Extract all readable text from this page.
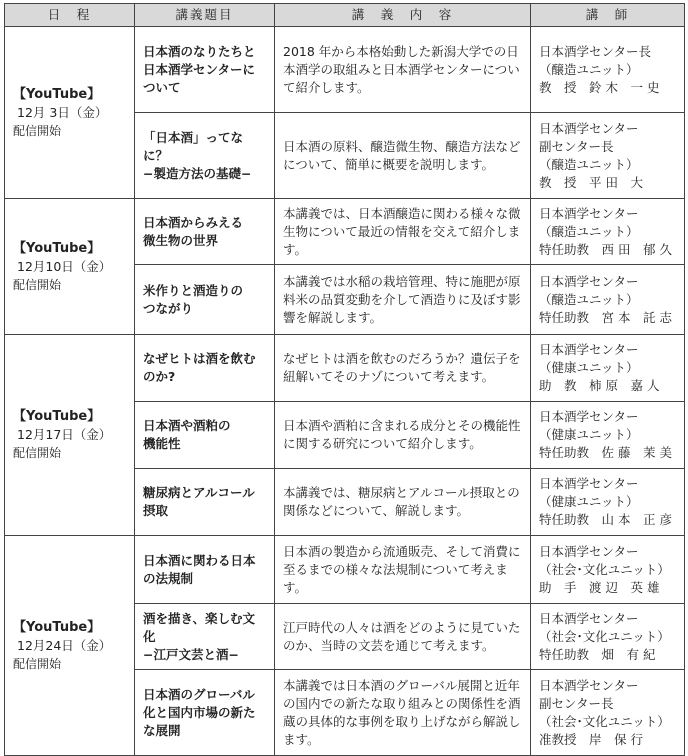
日　程	講義題目	講　義　内　容	講　師

【YouTube】
12月 3日（金）
配信開始	日本酒のなりたちと
日本酒学センターに
ついて	2018 年から本格始動した新潟大学での日本酒学の取組みと日本酒学センターについて紹介します。	日本酒学センター長
（醸造ユニット）
教　授　鈴 木　一 史

	「日本酒」ってなに？
−製造方法の基礎−	日本酒の原料、醸造微生物、醸造方法などについて、簡単に概要を説明します。	日本酒学センター
副センター長
（醸造ユニット）
教　授　平 田　大

【YouTube】
12月10日（金）
配信開始	日本酒からみえる
微生物の世界	本講義では、日本酒醸造に関わる様々な微生物について最近の情報を交えて紹介します。	日本酒学センター
（醸造ユニット）
特任助教　西 田　郁 久

	米作りと酒造りの
つながり	本講義では水稲の栽培管理、特に施肥が原料米の品質変動を介して酒造りに及ぼす影響を解説します。	日本酒学センター
（醸造ユニット）
特任助教　宮 本　託 志

【YouTube】
12月17日（金）
配信開始	なぜヒトは酒を飲む
のか?	なぜヒトは酒を飲むのだろうか？遺伝子を紐解いてそのナゾについて考えます。	日本酒学センター
（健康ユニット）
助　教　柿 原　嘉 人

	日本酒や酒粕の
機能性	日本酒や酒粕に含まれる成分とその機能性に関する研究について紹介します。	日本酒学センター
（健康ユニット）
特任助教　佐 藤　茉 美

	糖尿病とアルコール
摂取	本講義では、糖尿病とアルコール摂取との関係などについて、解説します。	日本酒学センター
（健康ユニット）
特任助教　山 本　正 彦

【YouTube】
12月24日（金）
配信開始	日本酒に関わる日本
の法規制	日本酒の製造から流通販売、そして消費に至るまでの様々な法規制について考えます。	日本酒学センター
（社会･文化ユニット）
助　手　渡 辺　英 雄

	酒を描き、楽しむ文化
−江戸文芸と酒−	江戸時代の人々は酒をどのように見ていたのか、当時の文芸を通じて考えます。	日本酒学センター
（社会･文化ユニット）
特任助教　畑　有 紀

	日本酒のグローバル
化と国内市場の新た
な展開	本講義では日本酒のグローバル展開と近年の国内での新たな取り組みとの関係性を酒蔵の具体的な事例を取り上げながら解説します。	日本酒学センター
副センター長
（社会･文化ユニット）
准教授　岸　保 行
